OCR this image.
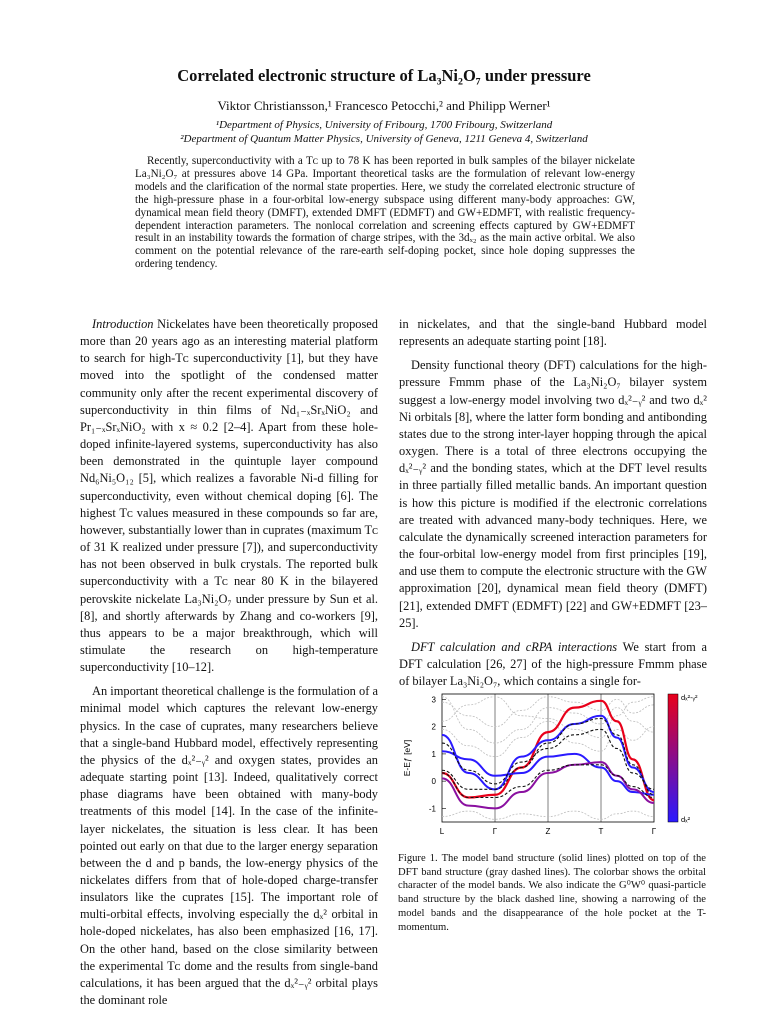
Correlated electronic structure of La₃Ni₂O₇ under pressure
Viktor Christiansson,¹ Francesco Petocchi,² and Philipp Werner¹
¹Department of Physics, University of Fribourg, 1700 Fribourg, Switzerland
²Department of Quantum Matter Physics, University of Geneva, 1211 Geneva 4, Switzerland
Recently, superconductivity with a Tᴄ up to 78 K has been reported in bulk samples of the bilayer nickelate La₃Ni₂O₇ at pressures above 14 GPa. Important theoretical tasks are the formulation of relevant low-energy models and the clarification of the normal state properties. Here, we study the correlated electronic structure of the high-pressure phase in a four-orbital low-energy subspace using different many-body approaches: GW, dynamical mean field theory (DMFT), extended DMFT (EDMFT) and GW+EDMFT, with realistic frequency-dependent interaction parameters. The nonlocal correlation and screening effects captured by GW+EDMFT result in an instability towards the formation of charge stripes, with the 3dₓ₂ as the main active orbital. We also comment on the potential relevance of the rare-earth self-doping pocket, since hole doping suppresses the ordering tendency.

Introduction Nickelates have been theoretically proposed more than 20 years ago as an interesting material platform to search for high-Tᴄ superconductivity [1], but they have moved into the spotlight of the condensed matter community only after the recent experimental discovery of superconductivity in thin films of Nd₁₋ₓSrₓNiO₂ and Pr₁₋ₓSrₓNiO₂ with x ≈ 0.2 [2–4]. Apart from these hole-doped infinite-layered systems, superconductivity has also been demonstrated in the quintuple layer compound Nd₆Ni₅O₁₂ [5], which realizes a favorable Ni-d filling for superconductivity, even without chemical doping [6]. The highest Tᴄ values measured in these compounds so far are, however, substantially lower than in cuprates (maximum Tᴄ of 31 K realized under pressure [7]), and superconductivity has not been observed in bulk crystals. The reported bulk superconductivity with a Tᴄ near 80 K in the bilayered perovskite nickelate La₃Ni₂O₇ under pressure by Sun et al. [8], and shortly afterwards by Zhang and co-workers [9], thus appears to be a major breakthrough, which will stimulate the research on high-temperature superconductivity [10–12].

An important theoretical challenge is the formulation of a minimal model which captures the relevant low-energy physics. In the case of cuprates, many researchers believe that a single-band Hubbard model, effectively representing the physics of the dₓ²₋ᵧ² and oxygen states, provides an adequate starting point [13]. Indeed, qualitatively correct phase diagrams have been obtained with many-body treatments of this model [14]. In the case of the infinite-layer nickelates, the situation is less clear. It has been pointed out early on that due to the larger energy separation between the d and p bands, the low-energy physics of the nickelates differs from that of hole-doped charge-transfer insulators like the cuprates [15]. The important role of multi-orbital effects, involving especially the dₓ² orbital in hole-doped nickelates, has also been emphasized [16, 17]. On the other hand, based on the close similarity between the experimental Tᴄ dome and the results from single-band calculations, it has been argued that the dₓ²₋ᵧ² orbital plays the dominant role

in nickelates, and that the single-band Hubbard model represents an adequate starting point [18].

Density functional theory (DFT) calculations for the high-pressure Fmmm phase of the La₃Ni₂O₇ bilayer system suggest a low-energy model involving two dₓ²₋ᵧ² and two dₓ² Ni orbitals [8], where the latter form bonding and antibonding states due to the strong inter-layer hopping through the apical oxygen. There is a total of three electrons occupying the dₓ²₋ᵧ² and the bonding states, which at the DFT level results in three partially filled metallic bands. An important question is how this picture is modified if the electronic correlations are treated with advanced many-body techniques. Here, we calculate the dynamically screened interaction parameters for the four-orbital low-energy model from first principles [19], and use them to compute the electronic structure with the GW approximation [20], dynamical mean field theory (DMFT) [21], extended DMFT (EDMFT) [22] and GW+EDMFT [23–25].

DFT calculation and cRPA interactions We start from a DFT calculation [26, 27] of the high-pressure Fmmm phase of bilayer La₃Ni₂O₇, which contains a single for-

3
2
1
0
-1
L	Γ	Z	T	Γ
E-Eƒ [eV]
dₓ²-ᵧ²
dₓ²
Figure 1. The model band structure (solid lines) plotted on top of the DFT band structure (gray dashed lines). The colorbar shows the orbital character of the model bands. We also indicate the G⁰W⁰ quasi-particle band structure by the black dashed line, showing a narrowing of the model bands and the disappearance of the hole pocket at the T-momentum.
